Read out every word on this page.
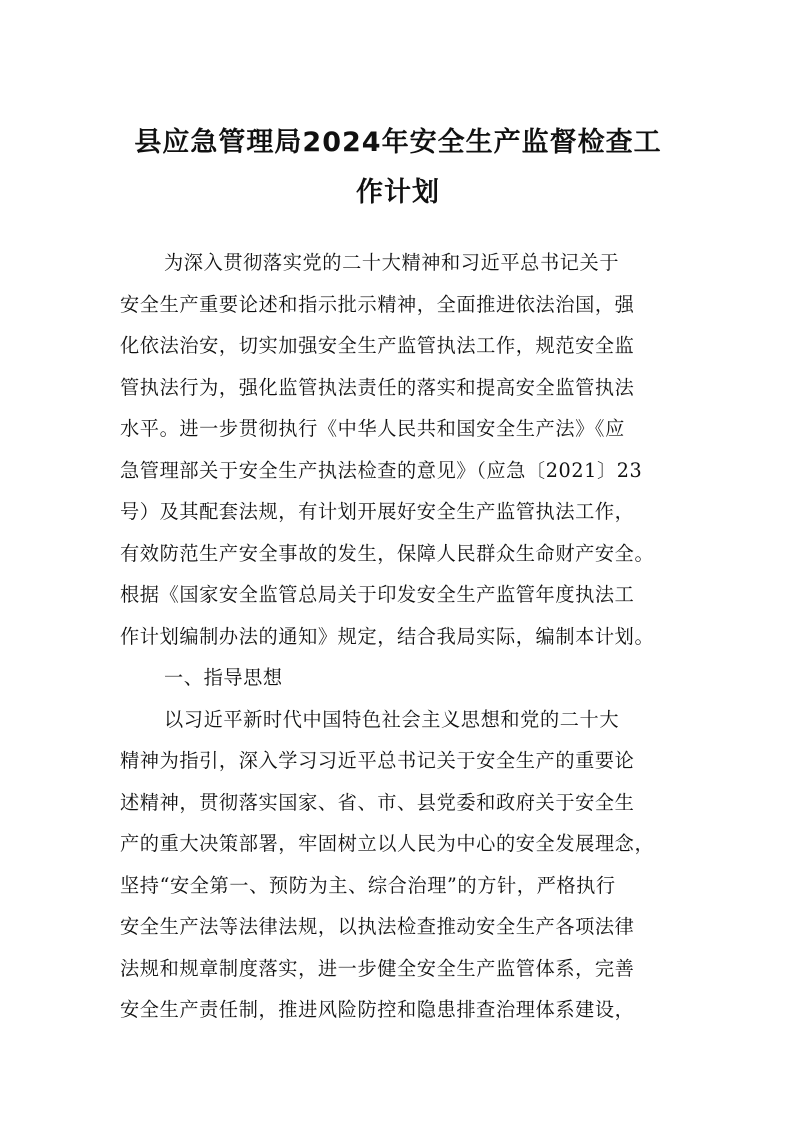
县应急管理局2024年安全生产监督检查工
作计划
为深入贯彻落实党的二十大精神和习近平总书记关于
安全生产重要论述和指示批示精神，全面推进依法治国，强
化依法治安，切实加强安全生产监管执法工作，规范安全监
管执法行为，强化监管执法责任的落实和提高安全监管执法
水平。进一步贯彻执行《中华人民共和国安全生产法》《应
急管理部关于安全生产执法检查的意见》（应急〔2021〕23
号）及其配套法规，有计划开展好安全生产监管执法工作，
有效防范生产安全事故的发生，保障人民群众生命财产安全。
根据《国家安全监管总局关于印发安全生产监管年度执法工
作计划编制办法的通知》规定，结合我局实际，编制本计划。
一、指导思想
以习近平新时代中国特色社会主义思想和党的二十大
精神为指引，深入学习习近平总书记关于安全生产的重要论
述精神，贯彻落实国家、省、市、县党委和政府关于安全生
产的重大决策部署，牢固树立以人民为中心的安全发展理念，
坚持“安全第一、预防为主、综合治理”的方针，严格执行
安全生产法等法律法规，以执法检查推动安全生产各项法律
法规和规章制度落实，进一步健全安全生产监管体系，完善
安全生产责任制，推进风险防控和隐患排查治理体系建设，
